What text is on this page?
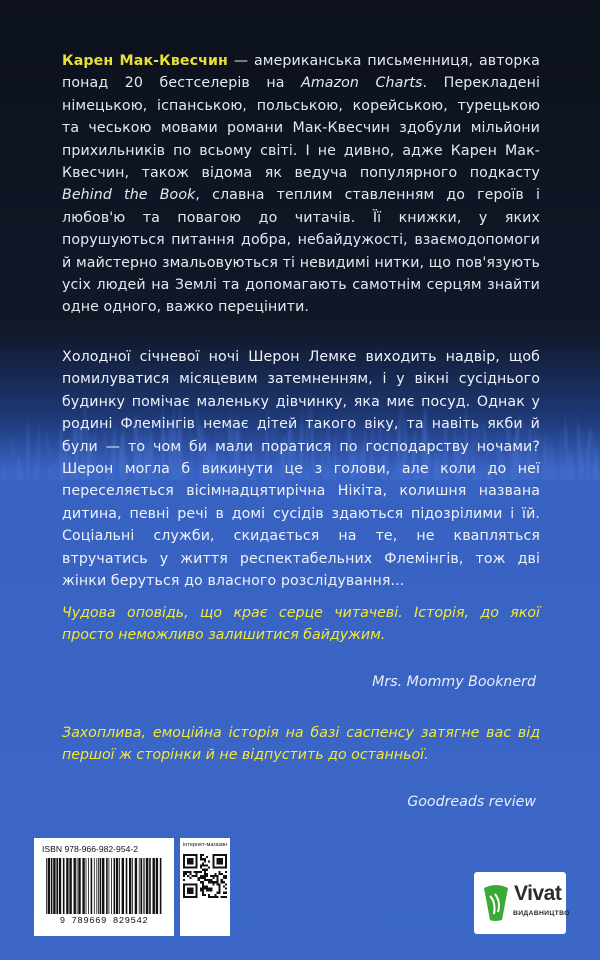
Карен Мак-Квесчин — американська письменниця, авторка понад 20 бестселерів на Amazon Charts. Перекладені німецькою, іспанською, польською, корейською, турецькою та чеською мовами романи Мак-Квесчин здобули мільйони прихильників по всьому світі. І не дивно, адже Карен Мак-Квесчин, також відома як ведуча популярного подкасту Behind the Book, славна теплим ставленням до героїв і любов'ю та повагою до читачів. Її книжки, у яких порушуються питання добра, небайдужості, взаємодопомоги й майстерно змальовуються ті невидимі нитки, що пов'язують усіх людей на Землі та допомагають самотнім серцям знайти одне одного, важко перецінити.
Холодної січневої ночі Шерон Лемке виходить надвір, щоб помилуватися місяцевим затемненням, і у вікні сусіднього будинку помічає маленьку дівчинку, яка миє посуд. Однак у родині Флемінгів немає дітей такого віку, та навіть якби й були — то чом би мали поратися по господарству ночами? Шерон могла б викинути це з голови, але коли до неї переселяється вісімнадцятирічна Нікіта, колишня названа дитина, певні речі в домі сусідів здаються підозрілими і їй. Соціальні служби, скидається на те, не квапляться втручатись у життя респектабельних Флемінгів, тож дві жінки беруться до власного розслідування...
Чудова оповідь, що крає серце читачеві. Історія, до якої просто неможливо залишитися байдужим.
Mrs. Mommy Booknerd
Захоплива, емоційна історія на базі саспенсу затягне вас від першої ж сторінки й не відпустить до останньої.
Goodreads review
ISBN 978-966-982-954-2
9 789669 829542
інтернет-магазин
Vivat
ВИДАВНИЦТВО
